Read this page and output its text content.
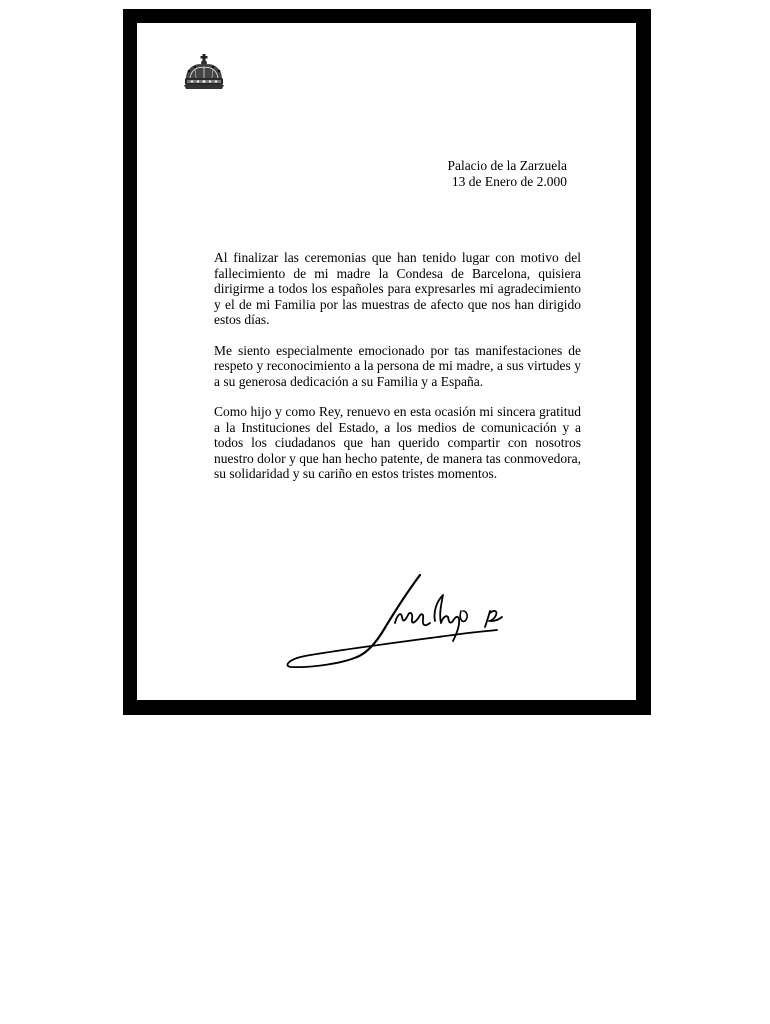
Palacio de la Zarzuela
13 de Enero de 2.000

Al finalizar las ceremonias que han tenido lugar con motivo del fallecimiento de mi madre la Condesa de Barcelona, quisiera dirigirme a todos los españoles para expresarles mi agradecimiento y el de mi Familia por las muestras de afecto que nos han dirigido estos días.

Me siento especialmente emocionado por tas manifestaciones de respeto y reconocimiento a la persona de mi madre, a sus virtudes y a su generosa dedicación a su Familia y a España.

Como hijo y como Rey, renuevo en esta ocasión mi sincera gratitud a la Instituciones del Estado, a los medios de comunicación y a todos los ciudadanos que han querido compartir con nosotros nuestro dolor y que han hecho patente, de manera tas conmovedora, su solidaridad y su cariño en estos tristes momentos.
